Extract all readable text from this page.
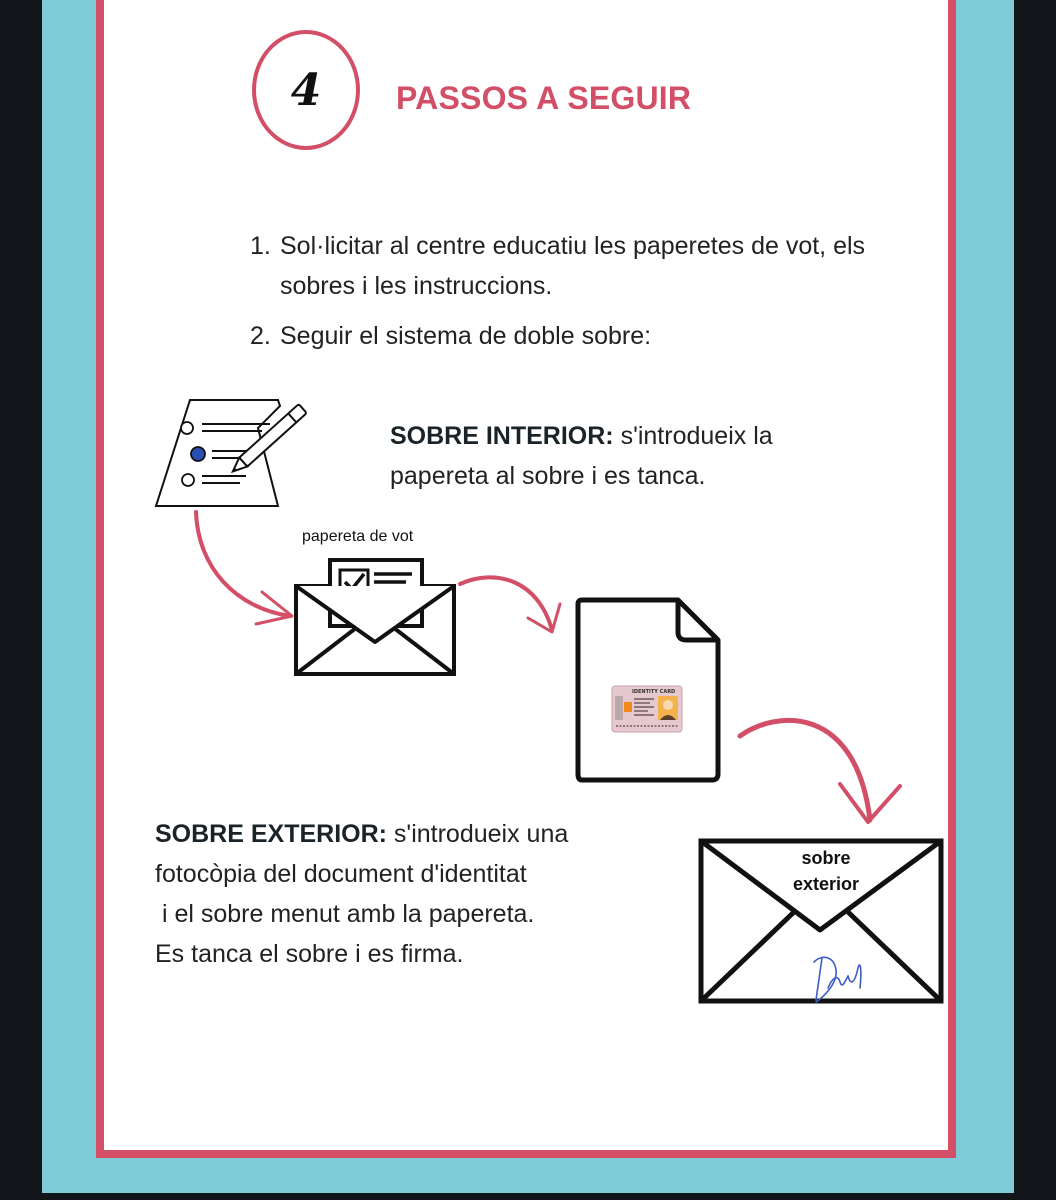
4 PASSOS A SEGUIR
1. Sol·licitar al centre educatiu les paperetes de vot, els sobres i les instruccions.
2. Seguir el sistema de doble sobre:
SOBRE INTERIOR: s'introdueix la papereta al sobre i es tanca.
papereta de vot
IDENTITY CARD
SOBRE EXTERIOR: s'introdueix una
fotocòpia del document d'identitat
i el sobre menut amb la papereta.
Es tanca el sobre i es firma.
sobre
exterior
